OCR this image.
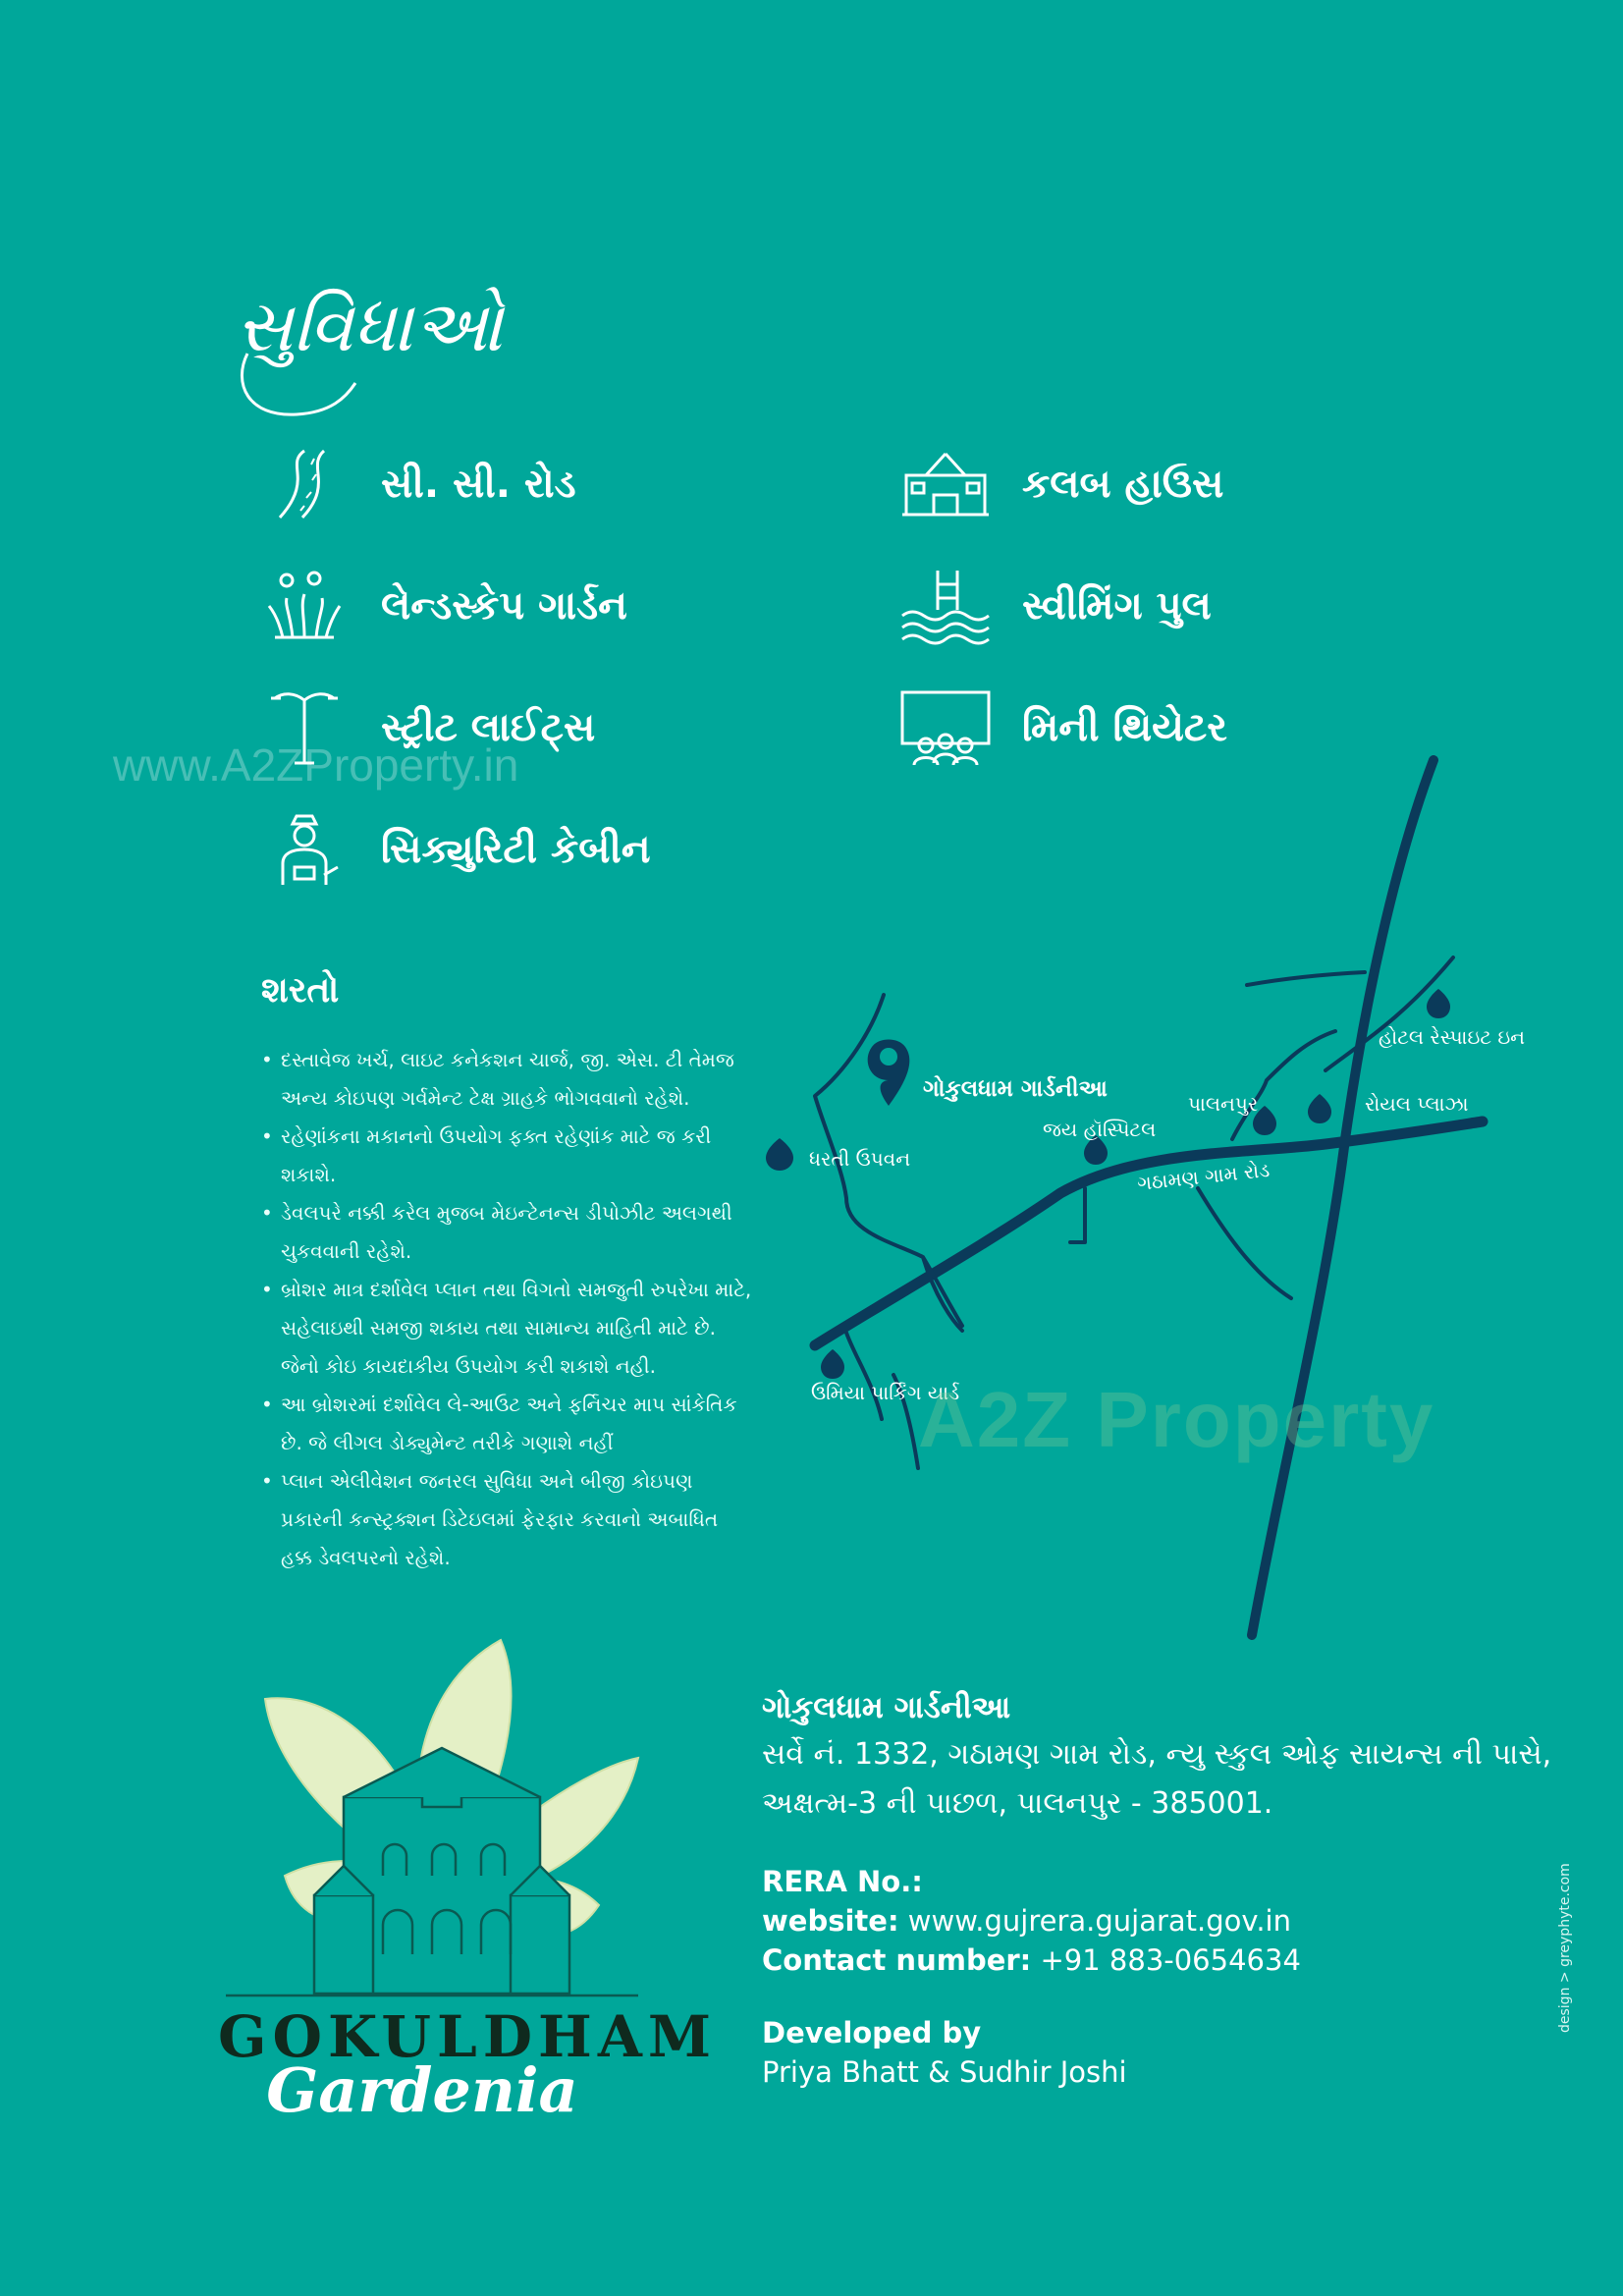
સુવિધાઓ
સી. સી. રોડ
લેન્ડસ્કેપ ગાર્ડન
સ્ટ્રીટ લાઈટ્સ
સિક્યુરિટી કેબીન
કલબ હાઉસ
સ્વીમિંગ પુલ
મિની થિયેટર
www.A2ZProperty.in
શરતો
• દસ્તાવેજ ખર્ચ, લાઇટ કનેકશન ચાર્જ, જી. એસ. ટી તેમજ અન્ય કોઇપણ ગર્વમેન્ટ ટેક્ષ ગ્રાહકે ભોગવવાનો રહેશે.
• રહેણાંકના મકાનનો ઉપયોગ ફક્ત રહેણાંક માટે જ કરી શકાશે.
• ડેવલપરે નક્કી કરેલ મુજબ મેઇન્ટેનન્સ ડીપોઝીટ અલગથી ચુકવવાની રહેશે.
• બ્રોશર માત્ર દર્શાવેલ પ્લાન તથા વિગતો સમજુતી રુપરેખા માટે, સહેલાઇથી સમજી શકાય તથા સામાન્ય માહિતી માટે છે. જેનો કોઇ કાયદાકીય ઉપયોગ કરી શકાશે નહી.
• આ બ્રોશરમાં દર્શાવેલ લે-આઉટ અને ફર્નિચર માપ સાંકેતિક છે. જે લીગલ ડોક્યુમેન્ટ તરીકે ગણાશે નહીં
• પ્લાન એલીવેશન જનરલ સુવિધા અને બીજી કોઇપણ પ્રકારની કન્સ્ટ્રક્શન ડિટેઇલમાં ફેરફાર કરવાનો અબાધિત હક્ક ડેવલપરનો રહેશે.
ગોકુલધામ ગાર્ડનીઆ
ધરતી ઉપવન
જય હૉસ્પિટલ
પાલનપુર	રોયલ પ્લાઝા
હોટલ રેસ્પાઇટ ઇન
ગઠામણ ગામ રોડ
ઉમિયા પાર્કિંગ યાર્ડ
A2Z Property
GOKULDHAM
Gardenia
ગોકુલધામ ગાર્ડનીઆ
સર્વે નં. 1332, ગઠામણ ગામ રોડ, ન્યુ સ્કુલ ઓફ સાયન્સ ની પાસે,
અક્ષત્મ-3 ની પાછળ, પાલનપુર - 385001.
RERA No.:
website: www.gujrera.gujarat.gov.in
Contact number: +91 883-0654634
Developed by
Priya Bhatt & Sudhir Joshi
design > greyphyte.com
